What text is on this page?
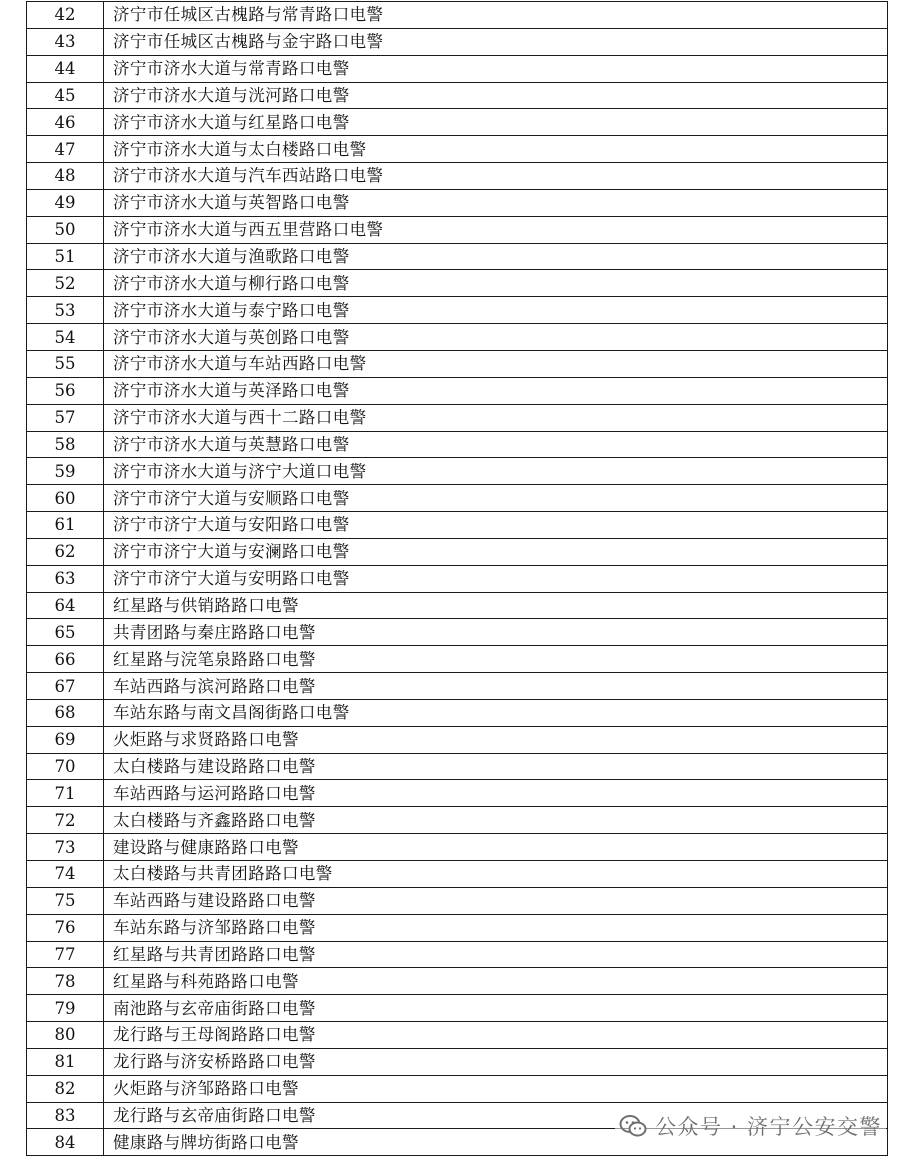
42	济宁市任城区古槐路与常青路口电警
43	济宁市任城区古槐路与金宇路口电警
44	济宁市济水大道与常青路口电警
45	济宁市济水大道与洸河路口电警
46	济宁市济水大道与红星路口电警
47	济宁市济水大道与太白楼路口电警
48	济宁市济水大道与汽车西站路口电警
49	济宁市济水大道与英智路口电警
50	济宁市济水大道与西五里营路口电警
51	济宁市济水大道与渔歌路口电警
52	济宁市济水大道与柳行路口电警
53	济宁市济水大道与泰宁路口电警
54	济宁市济水大道与英创路口电警
55	济宁市济水大道与车站西路口电警
56	济宁市济水大道与英泽路口电警
57	济宁市济水大道与西十二路口电警
58	济宁市济水大道与英慧路口电警
59	济宁市济水大道与济宁大道口电警
60	济宁市济宁大道与安顺路口电警
61	济宁市济宁大道与安阳路口电警
62	济宁市济宁大道与安澜路口电警
63	济宁市济宁大道与安明路口电警
64	红星路与供销路路口电警
65	共青团路与秦庄路路口电警
66	红星路与浣笔泉路路口电警
67	车站西路与滨河路路口电警
68	车站东路与南文昌阁街路口电警
69	火炬路与求贤路路口电警
70	太白楼路与建设路路口电警
71	车站西路与运河路路口电警
72	太白楼路与齐鑫路路口电警
73	建设路与健康路路口电警
74	太白楼路与共青团路路口电警
75	车站西路与建设路路口电警
76	车站东路与济邹路路口电警
77	红星路与共青团路路口电警
78	红星路与科苑路路口电警
79	南池路与玄帝庙街路口电警
80	龙行路与王母阁路路口电警
81	龙行路与济安桥路路口电警
82	火炬路与济邹路路口电警
83	龙行路与玄帝庙街路口电警
84	健康路与牌坊街路口电警
公众号 · 济宁公安交警
